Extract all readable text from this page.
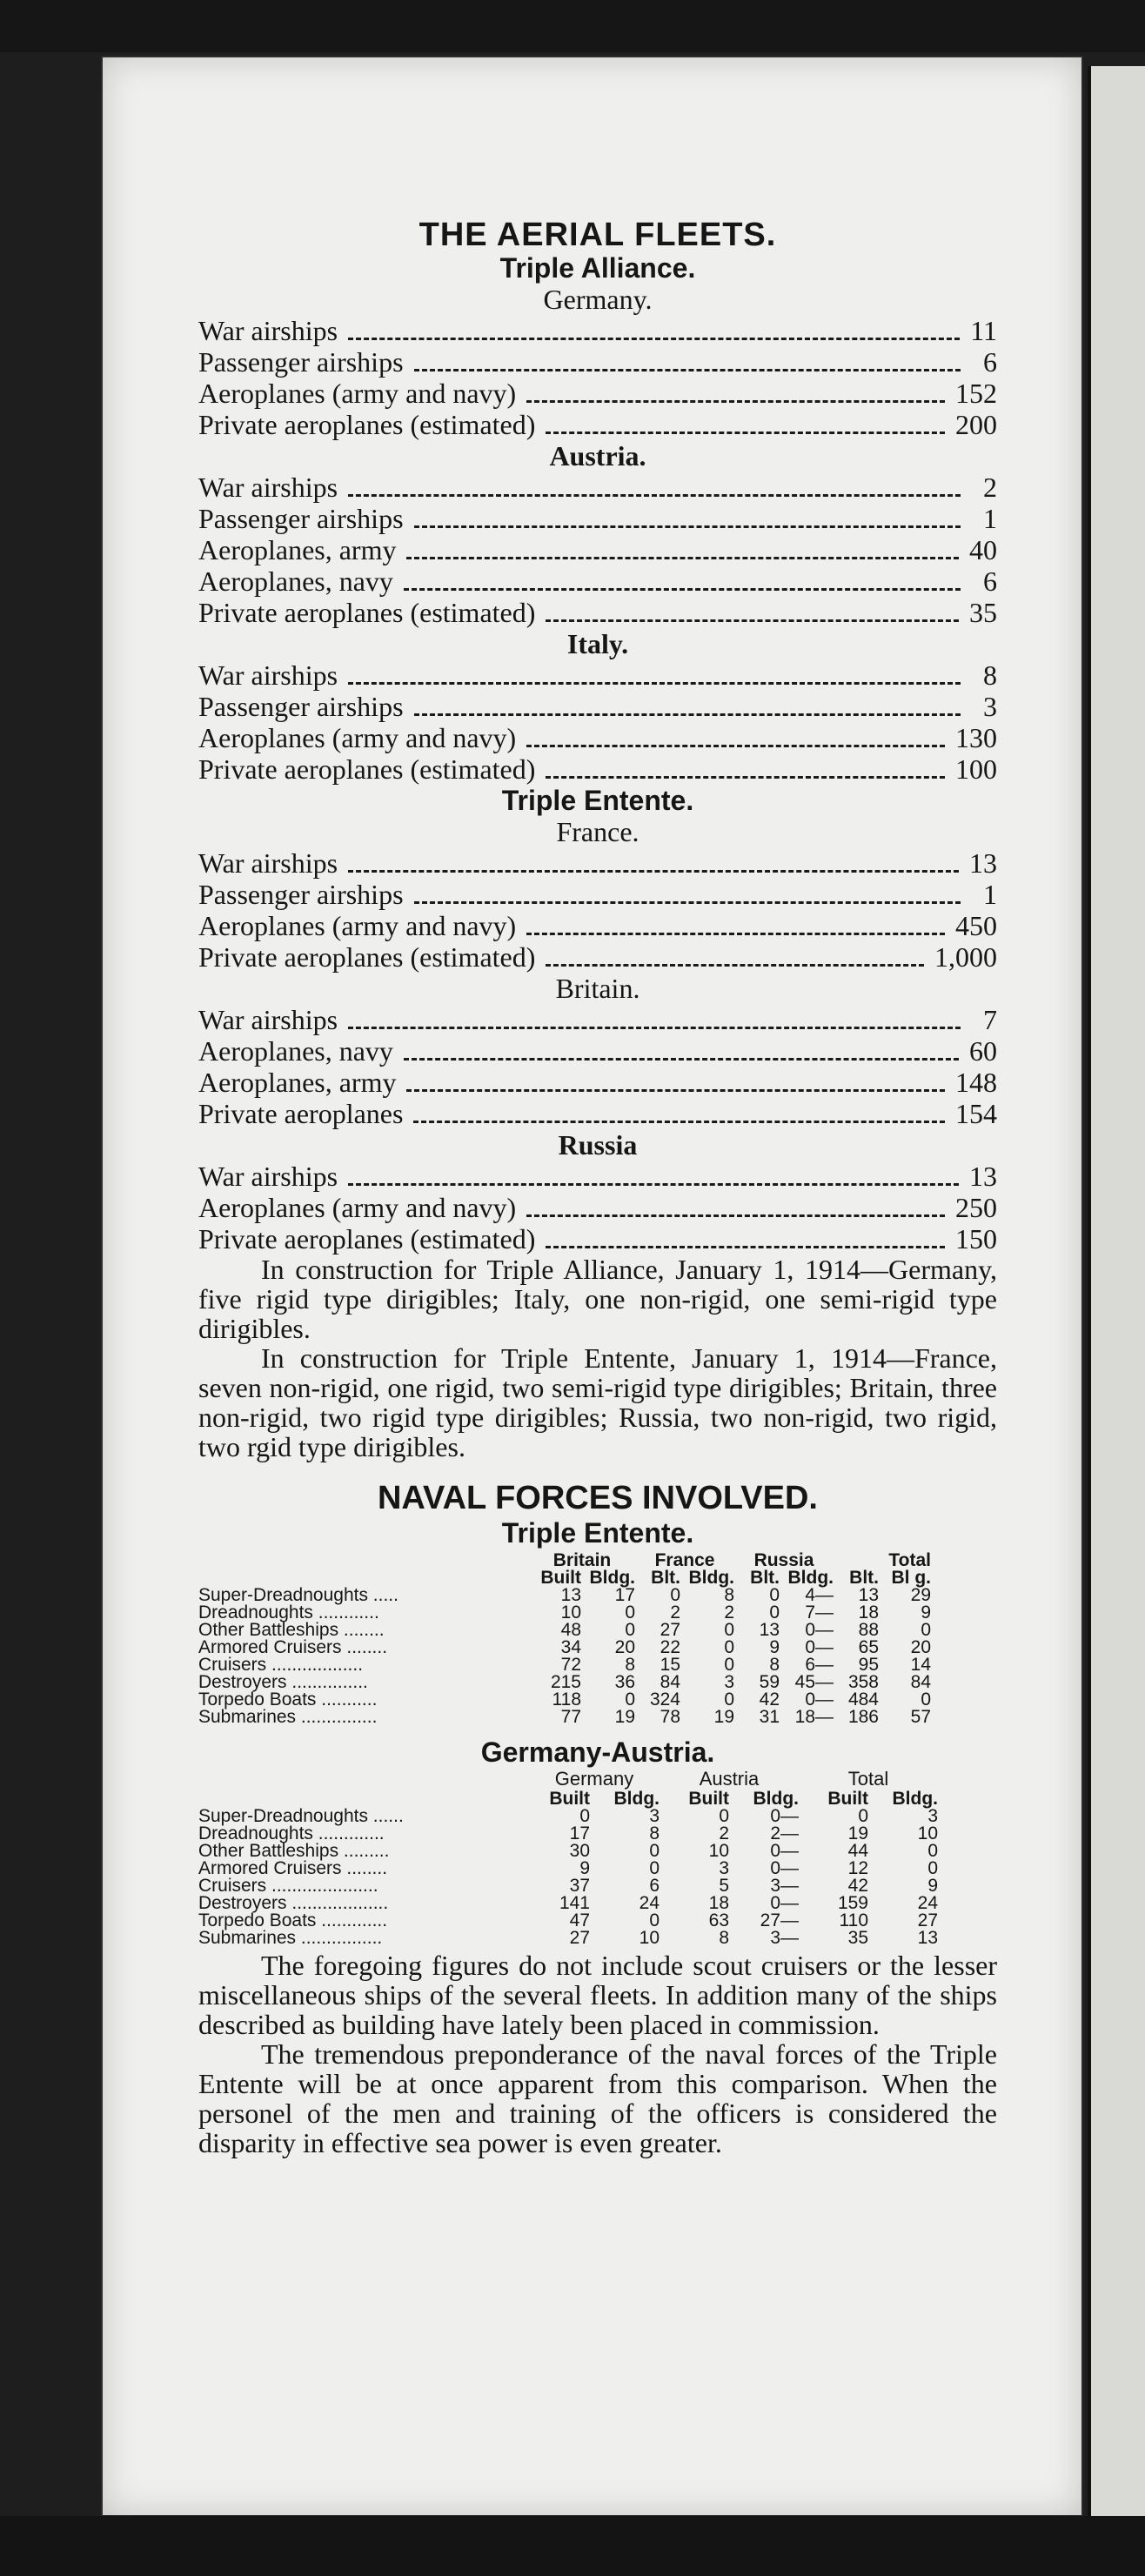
THE AERIAL FLEETS.
Triple Alliance.
Germany.
War airships	11
Passenger airships	6
Aeroplanes (army and navy)	152
Private aeroplanes (estimated)	200
Austria.
War airships	2
Passenger airships	1
Aeroplanes, army	40
Aeroplanes, navy	6
Private aeroplanes (estimated)	35
Italy.
War airships	8
Passenger airships	3
Aeroplanes (army and navy)	130
Private aeroplanes (estimated)	100
Triple Entente.
France.
War airships	13
Passenger airships	1
Aeroplanes (army and navy)	450
Private aeroplanes (estimated)	1,000
Britain.
War airships	7
Aeroplanes, navy	60
Aeroplanes, army	148
Private aeroplanes	154
Russia
War airships	13
Aeroplanes (army and navy)	250
Private aeroplanes (estimated)	150

In construction for Triple Alliance, January 1, 1914—Germany, five rigid type dirigibles; Italy, one non-rigid, one semi-rigid type dirigibles.

In construction for Triple Entente, January 1, 1914—France, seven non-rigid, one rigid, two semi-rigid type dirigibles; Britain, three non-rigid, two rigid type dirigibles; Russia, two non-rigid, two rigid, two rgid type dirigibles.

NAVAL FORCES INVOLVED.
Triple Entente.
	Britain		France		Russia		Total	
	Built	Bldg.	Blt.	Bldg.	Blt.	Bldg.	Blt.	Bl g.
Super-Dreadnoughts .....	13	17	0	8	0	4—	13	29
Dreadnoughts ............	10	0	2	2	0	7—	18	9
Other Battleships ........	48	0	27	0	13	0—	88	0
Armored Cruisers ........	34	20	22	0	9	0—	65	20
Cruisers ..................	72	8	15	0	8	6—	95	14
Destroyers ...............	215	36	84	3	59	45—	358	84
Torpedo Boats ...........	118	0	324	0	42	0—	484	0
Submarines ...............	77	19	78	19	31	18—	186	57
Germany-Austria.
	Germany		Austria		Total	
	Built	Bldg.	Built	Bldg.	Built	Bldg.
Super-Dreadnoughts ......	0	3	0	0—	0	3
Dreadnoughts .............	17	8	2	2—	19	10
Other Battleships .........	30	0	10	0—	44	0
Armored Cruisers ........	9	0	3	0—	12	0
Cruisers .....................	37	6	5	3—	42	9
Destroyers ...................	141	24	18	0—	159	24
Torpedo Boats .............	47	0	63	27—	110	27
Submarines ................	27	10	8	3—	35	13

The foregoing figures do not include scout cruisers or the lesser miscellaneous ships of the several fleets. In addition many of the ships described as building have lately been placed in commission.

The tremendous preponderance of the naval forces of the Triple Entente will be at once apparent from this comparison. When the personel of the men and training of the officers is considered the disparity in effective sea power is even greater.
